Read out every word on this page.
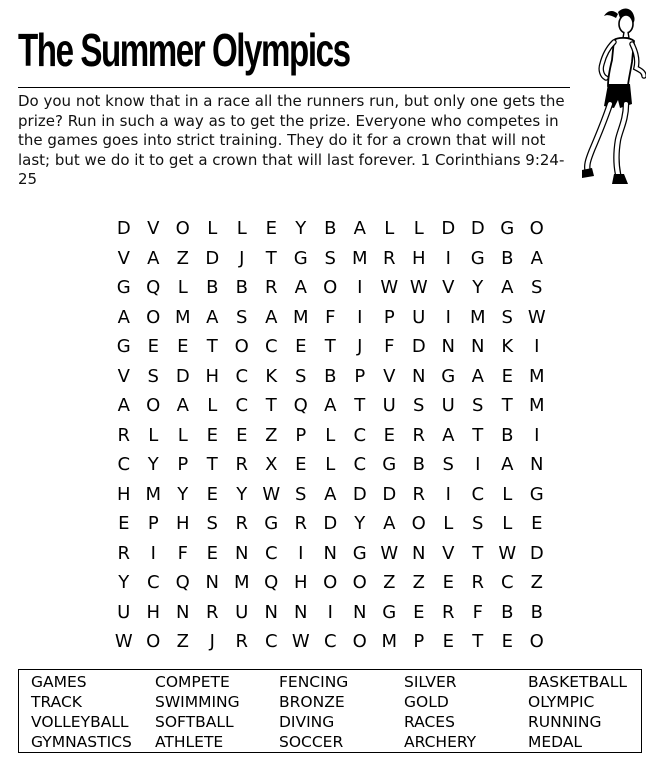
The Summer Olympics

Do you not know that in a race all the runners run, but only one gets the prize? Run in such a way as to get the prize. Everyone who competes in the games goes into strict training. They do it for a crown that will not last; but we do it to get a crown that will last forever. 1 Corinthians 9:24-25

D V O L	L	E	Y B A	L	L D D G O
V A Z D	J	T G S M R H	I	G B A
G Q L	B B R A O	I W W V Y A S
A O M A S A M F	I	P U	I	M S W
G E	E	T O C E	T	J	F D N N K	I
V S D H C K S B P V N G A E M
A O A	L	C T Q A T U S U S	T M
R	L	L	E	E Z P	L	C E R A T B	I
C Y	P	T R X E	L	C G B S	I	A N
H M Y	E	Y W S A D D R	I	C	L G
E	P H S R G R D Y A O L	S	L	E
R	I	F	E N C	I	N G W N V T W D
Y C Q N M Q H O O Z Z E R C Z
U H N R U N N	I	N G E R	F	B B
W O Z	J	R C W C O M P	E	T	E O
GAMES	COMPETE	FENCING	SILVER	BASKETBALL
TRACK	SWIMMING	BRONZE	GOLD	OLYMPIC
VOLLEYBALL SOFTBALL	DIVING	RACES	RUNNING
GYMNASTICS ATHLETE	SOCCER	ARCHERY	MEDAL
